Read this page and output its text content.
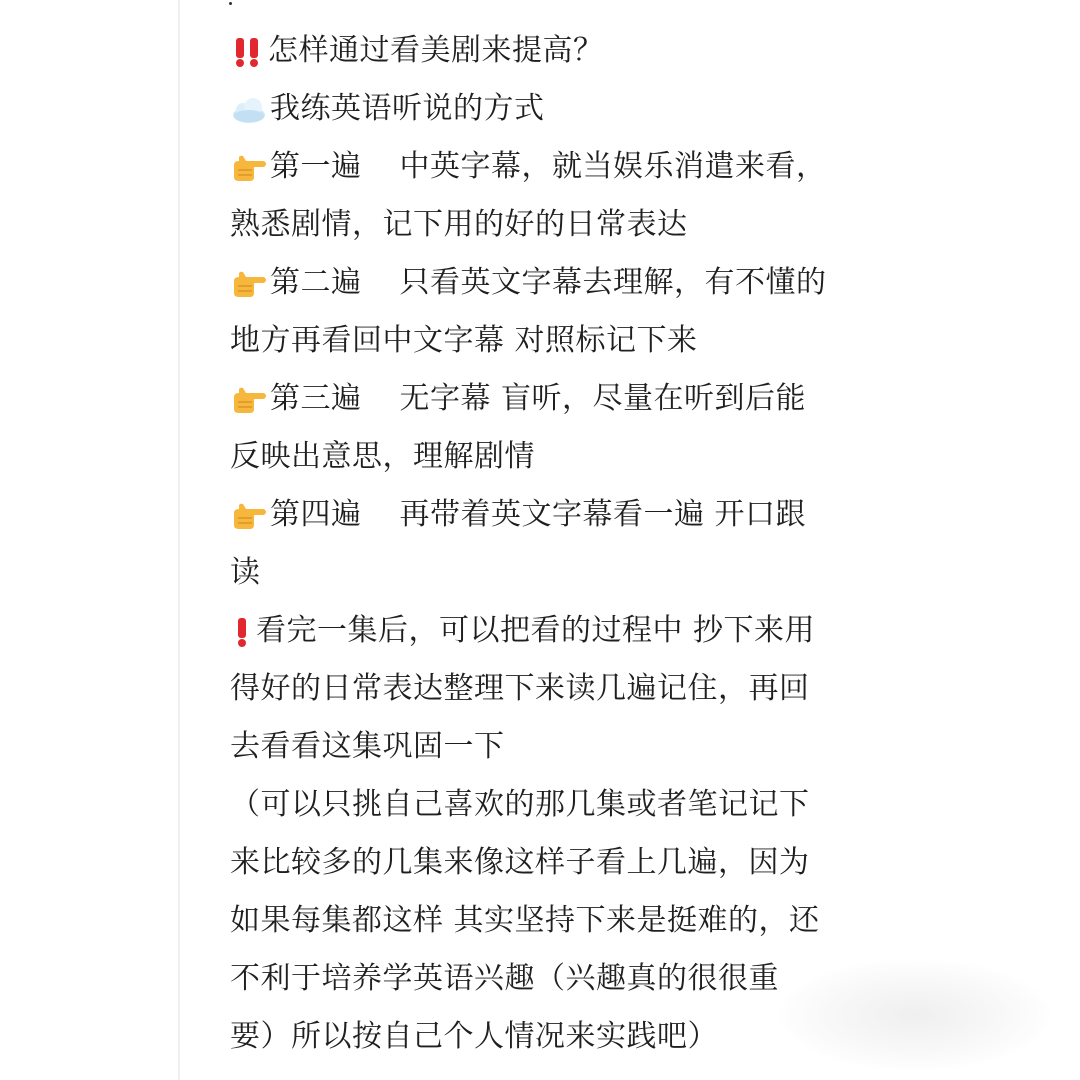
怎样通过看美剧来提高？
我练英语听说的方式
第一遍 中英字幕，就当娱乐消遣来看，
熟悉剧情，记下用的好的日常表达
第二遍 只看英文字幕去理解，有不懂的
地方再看回中文字幕 对照标记下来
第三遍 无字幕 盲听，尽量在听到后能
反映出意思，理解剧情
第四遍 再带着英文字幕看一遍 开口跟
读
看完一集后，可以把看的过程中 抄下来用
得好的日常表达整理下来读几遍记住，再回
去看看这集巩固一下
（可以只挑自己喜欢的那几集或者笔记记下
来比较多的几集来像这样子看上几遍，因为
如果每集都这样 其实坚持下来是挺难的，还
不利于培养学英语兴趣（兴趣真的很很重
要）所以按自己个人情况来实践吧）
